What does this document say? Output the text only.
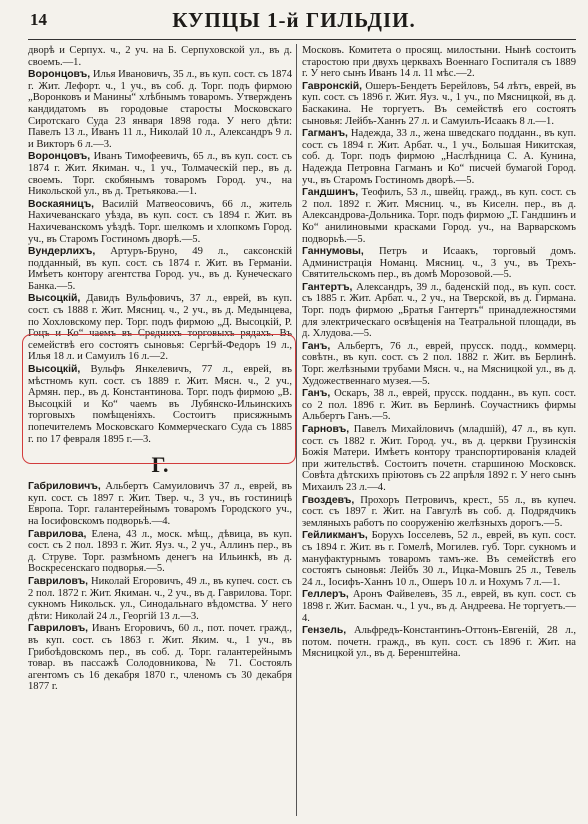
14	КУПЦЫ 1-й ГИЛЬДІИ.
дворѣ и Серпух. ч., 2 уч. на Б. Серпуховской ул., въ д. своемъ.—1.
Воронцовъ, Илья Ивановичъ, 35 л., въ куп. сост. съ 1874 г. Жит. Лефорт. ч., 1 уч., въ соб. д. Торг. подъ фирмою „Воронковъ и Манины“ хлѣбнымъ товаромъ. Утвержденъ кандидатомъ въ городовые старосты Московскаго Сиротскаго Суда 23 января 1898 года. У него дѣти: Павелъ 13 л., Иванъ 11 л., Николай 10 л., Александръ 9 л. и Викторъ 6 л.—3.
Воронцовъ, Иванъ Тимофеевичъ, 65 л., въ куп. сост. съ 1874 г. Жит. Якиман. ч., 1 уч., Толмаческій пер., въ д. своемъ. Торг. скобянымъ товаромъ Город. уч., на Никольской ул., въ д. Третьякова.—1.
Воскаяницъ, Василій Матвеосовичъ, 66 л., житель Нахичеванскаго уѣзда, въ куп. сост. съ 1894 г. Жит. въ Нахичеванскомъ уѣздѣ. Торг. шелкомъ и хлопкомъ Город. уч., въ Старомъ Гостиномъ дворѣ.—5.
Вундерлихъ, Артуръ-Бруно, 49 л., саксонскій подданный, въ куп. сост. съ 1874 г. Жит. въ Германіи. Имѣетъ контору агентства Город. уч., въ д. Кунеческаго Банка.—5.
Высоцкій, Давидъ Вульфовичъ, 37 л., еврей, въ куп. сост. съ 1888 г. Жит. Мясниц. ч., 2 уч., въ д. Медынцева, по Хохловскому пер. Торг. подъ фирмою „Д. Высоцкій, Р. Гоцъ и Ко“ чаемъ въ Среднихъ торговыхъ рядахъ. Въ семействѣ его состоятъ сыновья: Сергѣй-Федоръ 19 л., Илья 18 л. и Самуилъ 16 л.—2.
Высоцкій, Вульфъ Янкелевичъ, 77 л., еврей, въ мѣстномъ куп. сост. съ 1889 г. Жит. Мясн. ч., 2 уч., Армян. пер., въ д. Константинова. Торг. подъ фирмою „В. Высоцкій и Ко“ чаемъ въ Лубянско-Ильинскихъ торговыхъ помѣщеніяхъ. Состоитъ присяжнымъ попечителемъ Московскаго Коммерческаго Суда съ 1885 г. по 17 февраля 1895 г.—3.
Г.
Габриловичъ, Альбертъ Самуиловичъ 37 л., еврей, въ куп. сост. съ 1897 г. Жит. Твер. ч., 3 уч., въ гостиницѣ Европа. Торг. галантерейнымъ товаромъ Городского уч., на Іосифовскомъ подворьѣ.—4.
Гаврилова, Елена, 43 л., моск. мѣщ., дѣвица, въ куп. сост. съ 2 пол. 1893 г. Жит. Яуз. ч., 2 уч., Аллинъ пер., въ д. Струве. Торг. размѣномъ денегъ на Ильинкѣ, въ д. Воскресенскаго подворья.—5.
Гавриловъ, Николай Егоровичъ, 49 л., въ купеч. сост. съ 2 пол. 1872 г. Жит. Якиман. ч., 2 уч., въ д. Гаврилова. Торг. сукномъ Никольск. ул., Синодальнаго вѣдомства. У него дѣти: Николай 24 л., Георгій 13 л.—3.
Гавриловъ, Иванъ Егоровичъ, 60 л., пот. почет. гражд., въ куп. сост. съ 1863 г. Жит. Яким. ч., 1 уч., въ Грибоѣдовскомъ пер., въ соб. д. Торг. галантерейнымъ товар. въ пассажѣ Солодовникова, № 71. Состоялъ агентомъ съ 16 декабря 1870 г., членомъ съ 30 декабря 1877 г.
Московъ. Комитета о просящ. милостыни. Нынѣ состоитъ старостою при двухъ церквахъ Военнаго Госпиталя съ 1889 г. У него сынъ Иванъ 14 л. 11 мѣс.—2.
Гавронскій, Ошеръ-Бендетъ Берейловъ, 54 лѣтъ, еврей, въ куп. сост. съ 1896 г. Жит. Яуз. ч., 1 уч., по Мясницкой, въ д. Баскакина. Не торгуетъ. Въ семействѣ его состоятъ сыновья: Лейбъ-Ханнъ 27 л. и Самуилъ-Исаакъ 8 л.—1.
Гагманъ, Надежда, 33 л., жена шведскаго подданн., въ куп. сост. съ 1894 г. Жит. Арбат. ч., 1 уч., Большая Никитская, соб. д. Торг. подъ фирмою „Наслѣдница С. А. Кунина, Надежда Петровна Гагманъ и Ко“ писчей бумагой Город. уч., въ Старомъ Гостиномъ дворѣ.—5.
Гандшинъ, Теофилъ, 53 л., швейц. гражд., въ куп. сост. съ 2 пол. 1892 г. Жит. Мясниц. ч., въ Киселн. пер., въ д. Александрова-Дольника. Торг. подъ фирмою „Т. Гандшинъ и Ко“ анилиновыми красками Город. уч., на Варварскомъ подворьѣ.—5.
Ганнумовы, Петръ и Исаакъ, торговый домъ. Администрація Номанц. Мясниц. ч., 3 уч., въ Трехъ-Святительскомъ пер., въ домѣ Морозовой.—5.
Гантертъ, Александръ, 39 л., баденскій под., въ куп. сост. съ 1885 г. Жит. Арбат. ч., 2 уч., на Тверской, въ д. Гирмана. Торг. подъ фирмою „Братья Гантертъ“ принадлежностями для электрическаго освѣщенія на Театральной площади, въ д. Хлудова.—5.
Ганъ, Альбертъ, 76 л., еврей, прусск. подд., коммерц. совѣтн., въ куп. сост. съ 2 пол. 1882 г. Жит. въ Берлинѣ. Торг. желѣзными трубами Мясн. ч., на Мясницкой ул., въ д. Художественнаго музея.—5.
Ганъ, Оскаръ, 38 л., еврей, прусск. подданн., въ куп. сост. со 2 пол. 1896 г. Жит. въ Берлинѣ. Соучастникъ фирмы Альбертъ Ганъ.—5.
Гарновъ, Павелъ Михайловичъ (младшій), 47 л., въ куп. сост. съ 1882 г. Жит. Город. уч., въ д. церкви Грузинскія Божія Матери. Имѣетъ контору транспортированія кладей при жительствѣ. Состоитъ почетн. старшиною Московск. Совѣта дѣтскихъ пріютовъ съ 22 апрѣля 1892 г. У него сынъ Михаилъ 23 л.—4.
Гвоздевъ, Прохоръ Петровичъ, крест., 55 л., въ купеч. сост. съ 1897 г. Жит. на Гавгулѣ въ соб. д. Подрядчикъ земляныхъ работъ по сооруженію желѣзныхъ дорогъ.—5.
Гейликманъ, Борухъ Іосселевъ, 52 л., еврей, въ куп. сост. съ 1894 г. Жит. въ г. Гомелѣ, Могилев. губ. Торг. сукномъ и мануфактурнымъ товаромъ тамъ-же. Въ семействѣ его состоятъ сыновья: Лейбъ 30 л., Ицка-Мовшъ 25 л., Тевель 24 л., Іосифъ-Ханнъ 10 л., Ошеръ 10 л. и Нохумъ 7 л.—1.
Геллеръ, Аронъ Файвелевъ, 35 л., еврей, въ куп. сост. съ 1898 г. Жит. Басман. ч., 1 уч., въ д. Андреева. Не торгуетъ.—4.
Гензель, Альфредъ-Константинъ-Оттонъ-Евгеній, 28 л., потом. почетн. гражд., въ куп. сост. съ 1896 г. Жит. на Мясницкой ул., въ д. Беренштейна.
